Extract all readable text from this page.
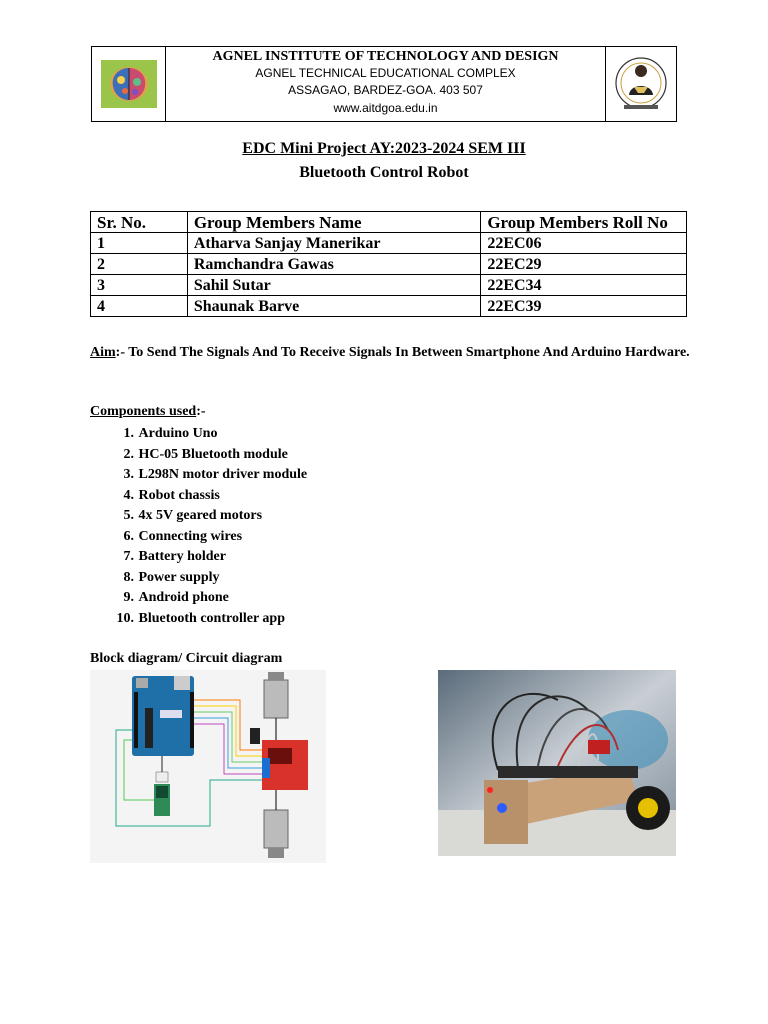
AGNEL INSTITUTE OF TECHNOLOGY AND DESIGN
AGNEL TECHNICAL EDUCATIONAL COMPLEX
ASSAGAO, BARDEZ-GOA. 403 507
www.aitdgoa.edu.in
EDC Mini Project AY:2023-2024 SEM III
Bluetooth Control Robot
Sr. No.	Group Members Name	Group Members Roll No
1	Atharva Sanjay Manerikar	22EC06
2	Ramchandra Gawas	22EC29
3	Sahil Sutar	22EC34
4	Shaunak Barve	22EC39
Aim:- To Send The Signals And To Receive Signals In Between Smartphone And Arduino Hardware.
Components used:-
1.
Arduino Uno
2.
HC-05 Bluetooth module
3.
L298N motor driver module
4.
Robot chassis
5.
4x 5V geared motors
6.
Connecting wires
7.
Battery holder
8.
Power supply
9.
Android phone
10.
Bluetooth controller app
Block diagram/ Circuit diagram
